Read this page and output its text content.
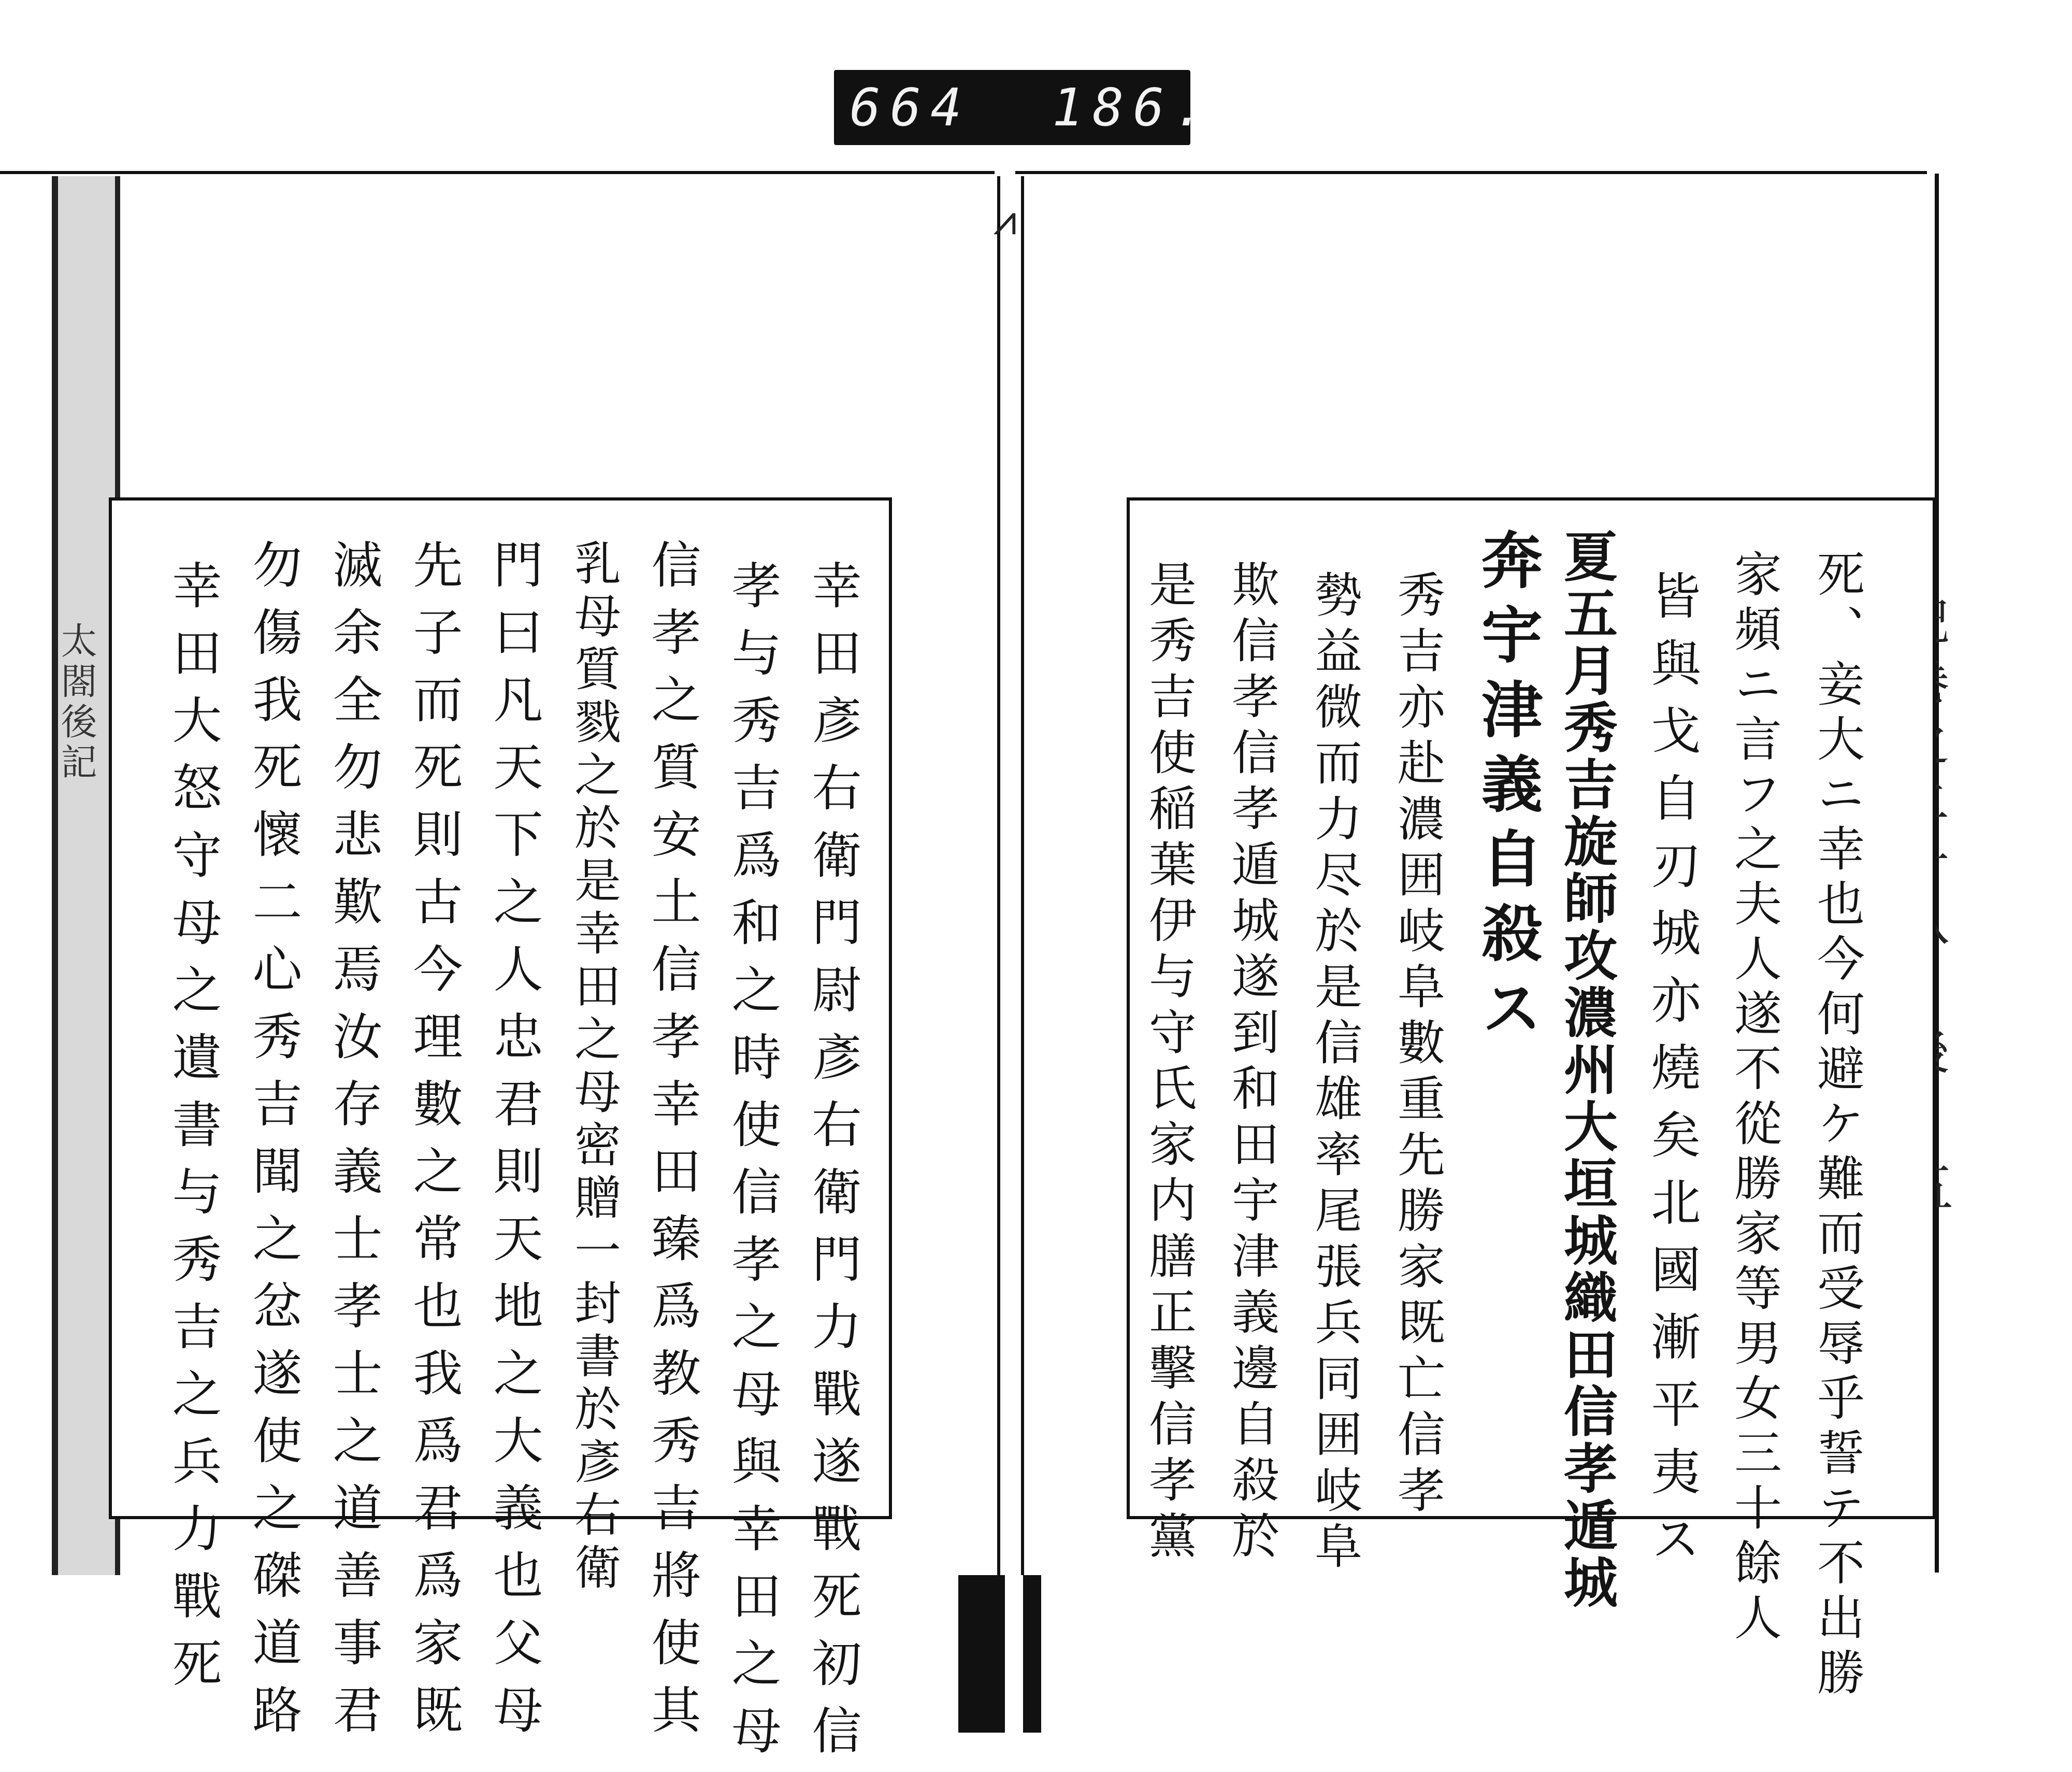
664  186.
太閤後記
⩘
幸田彥右衛門尉彥右衛門力戰遂戰死初信
孝与秀吉爲和之時使信孝之母與幸田之母
信孝之質安土信孝幸田臻爲教秀吉將使其
乳母質戮之於是幸田之母密贈一封書於彥右衛
門曰凡天下之人忠君則天地之大義也父母
先子而死則古今理數之常也我爲君爲家既
滅余全勿悲歎焉汝存義士孝士之道善事君
勿傷我死懷二心秀吉聞之忿遂使之磔道路
幸田大怒守母之遺書与秀吉之兵力戰死	死、妾大ニ幸也今何避ケ難而受辱乎誓テ不出勝
家頻ニ言フ之夫人遂不從勝家等男女三十餘人
皆與戈自刃城亦燒矣北國漸平夷ス
夏五月秀吉旋師攻濃州大垣城織田信孝遁城
奔宇津義自殺ス
秀吉亦赴濃囲岐阜數重先勝家既亡信孝
勢益微而力尽於是信雄率尾張兵同囲岐阜
欺信孝信孝遁城遂到和田宇津義邊自殺於
是秀吉使稲葉伊与守氏家内膳正擊信孝黨
